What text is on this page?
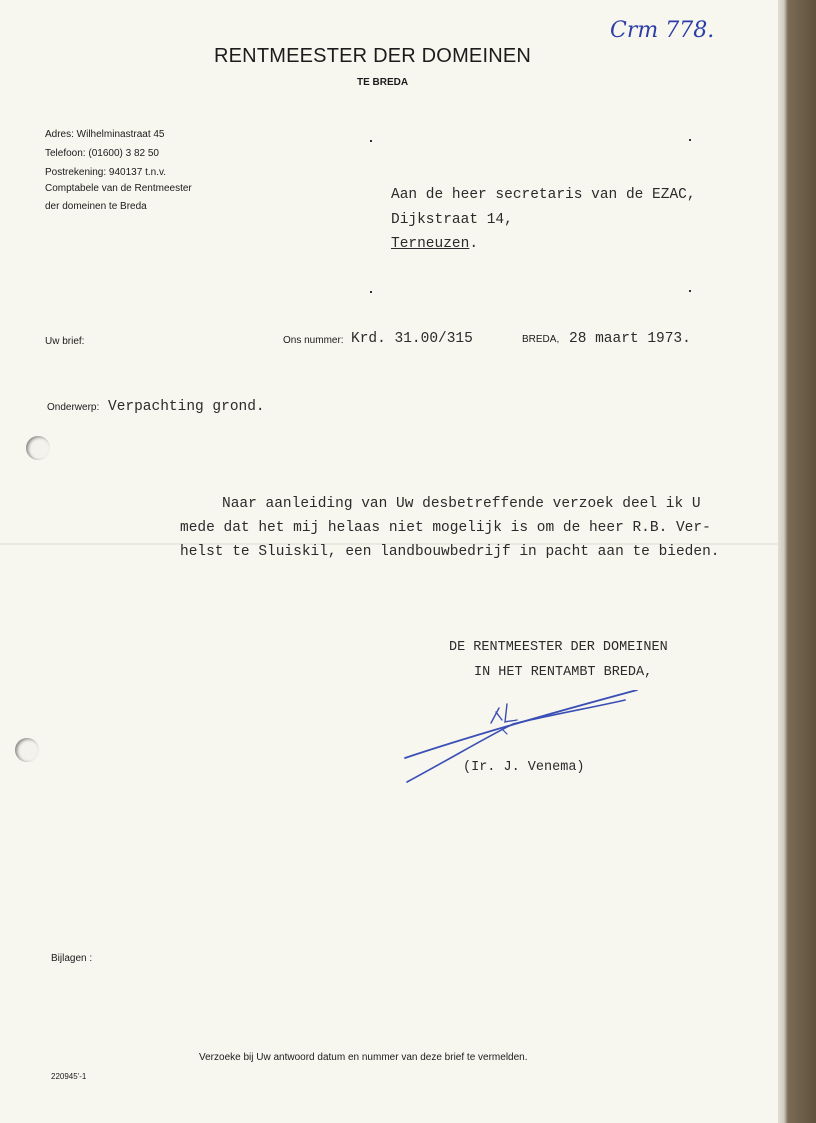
Crm 778.
RENTMEESTER DER DOMEINEN
TE BREDA
Adres: Wilhelminastraat 45
Telefoon: (01600) 3 82 50
Postrekening: 940137 t.n.v.
Comptabele van de Rentmeester
der domeinen te Breda
Aan de heer secretaris van de EZAC,
Dijkstraat 14,
Terneuzen.
Uw brief:	Ons nummer: Krd. 31.00/315	BREDA, 28 maart 1973.
Onderwerp: Verpachting grond.
Naar aanleiding van Uw desbetreffende verzoek deel ik U
mede dat het mij helaas niet mogelijk is om de heer R.B. Ver-
helst te Sluiskil, een landbouwbedrijf in pacht aan te bieden.
DE RENTMEESTER DER DOMEINEN
IN HET RENTAMBT BREDA,
(Ir. J. Venema)
Bijlagen :
Verzoeke bij Uw antwoord datum en nummer van deze brief te vermelden.
220945'-1
